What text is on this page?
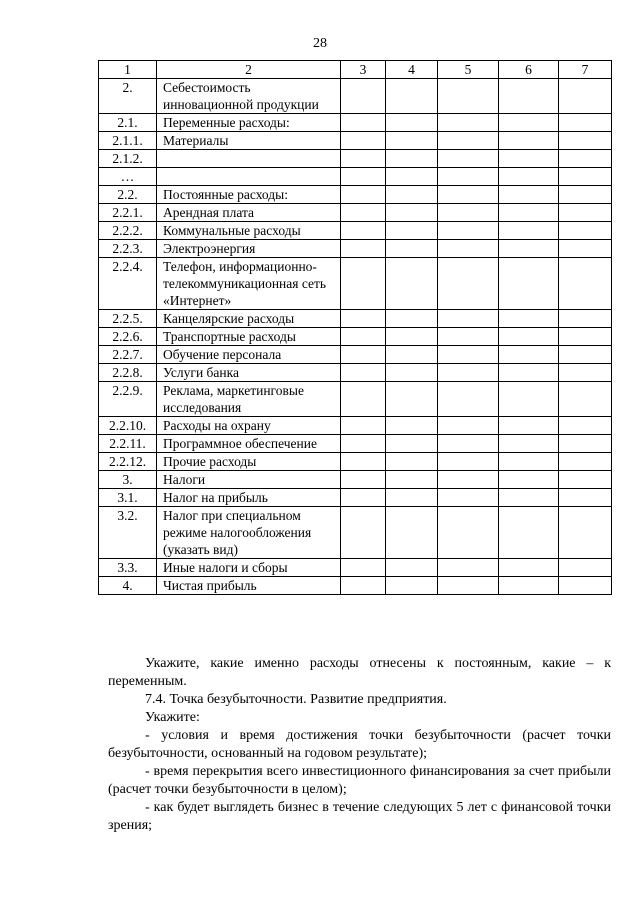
28
1	2	3	4	5	6	7
2.	Себестоимость инновационной продукции					
2.1.	Переменные расходы:					
2.1.1.	Материалы					
2.1.2.						
…						
2.2.	Постоянные расходы:					
2.2.1.	Арендная плата					
2.2.2.	Коммунальные расходы					
2.2.3.	Электроэнергия					
2.2.4.	Телефон, информационно-телекоммуникационная сеть «Интернет»					
2.2.5.	Канцелярские расходы					
2.2.6.	Транспортные расходы					
2.2.7.	Обучение персонала					
2.2.8.	Услуги банка					
2.2.9.	Реклама, маркетинговые исследования					
2.2.10.	Расходы на охрану					
2.2.11.	Программное обеспечение					
2.2.12.	Прочие расходы					
3.	Налоги					
3.1.	Налог на прибыль					
3.2.	Налог при специальном режиме налогообложения (указать вид)					
3.3.	Иные налоги и сборы					
4.	Чистая прибыль					

Укажите, какие именно расходы отнесены к постоянным, какие – к переменным.

7.4. Точка безубыточности. Развитие предприятия.

Укажите:

- условия и время достижения точки безубыточности (расчет точки безубыточности, основанный на годовом результате);

- время перекрытия всего инвестиционного финансирования за счет прибыли (расчет точки безубыточности в целом);

- как будет выглядеть бизнес в течение следующих 5 лет с финансовой точки зрения;
